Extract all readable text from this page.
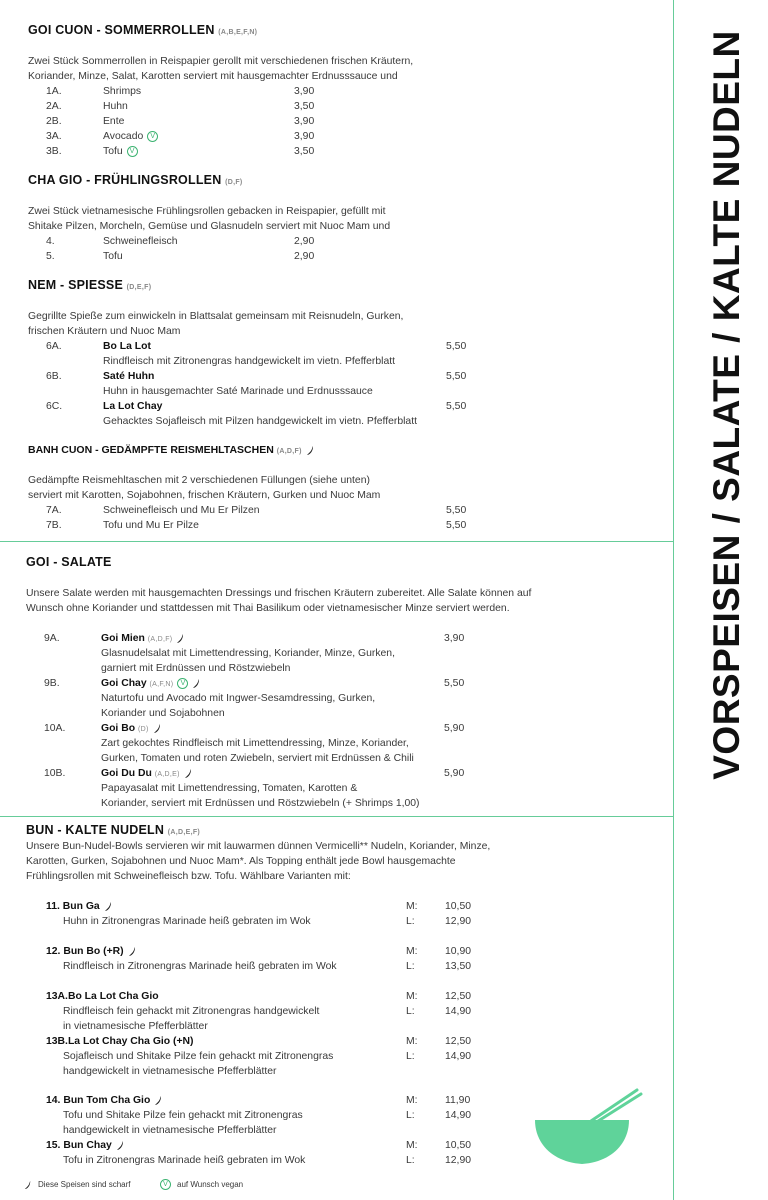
VORSPEISEN / SALATE / KALTE NUDELN
GOI CUON - SOMMERROLLEN (A,B,E,F,N)
Zwei Stück Sommerrollen in Reispapier gerollt mit verschiedenen frischen Kräutern,
Koriander, Minze, Salat, Karotten serviert mit hausgemachter Erdnusssauce und
1A.	Shrimps	3,90
2A.	Huhn	3,50
2B.	Ente	3,90
3A.	Avocado V	3,90
3B.	Tofu V	3,50
CHA GIO - FRÜHLINGSROLLEN (D,F)
Zwei Stück vietnamesische Frühlingsrollen gebacken in Reispapier, gefüllt mit
Shitake Pilzen, Morcheln, Gemüse und Glasnudeln serviert mit Nuoc Mam und
4.	Schweinefleisch	2,90
5.	Tofu	2,90
NEM - SPIESSE (D,E,F)
Gegrillte Spieße zum einwickeln in Blattsalat gemeinsam mit Reisnudeln, Gurken,
frischen Kräutern und Nuoc Mam
6A.	Bo La Lot	5,50
Rindfleisch mit Zitronengras handgewickelt im vietn. Pfefferblatt
6B.	Saté Huhn	5,50
Huhn in hausgemachter Saté Marinade und Erdnusssauce
6C.	La Lot Chay	5,50
Gehacktes Sojafleisch mit Pilzen handgewickelt im vietn. Pfefferblatt
BANH CUON - GEDÄMPFTE REISMEHLTASCHEN (A,D,F)
Gedämpfte Reismehltaschen mit 2 verschiedenen Füllungen (siehe unten)
serviert mit Karotten, Sojabohnen, frischen Kräutern, Gurken und Nuoc Mam
7A.	Schweinefleisch und Mu Er Pilzen	5,50
7B.	Tofu und Mu Er Pilze	5,50
GOI - SALATE
Unsere Salate werden mit hausgemachten Dressings und frischen Kräutern zubereitet. Alle Salate können auf
Wunsch ohne Koriander und stattdessen mit Thai Basilikum oder vietnamesischer Minze serviert werden.
9A.	Goi Mien (A,D,F)	3,90
Glasnudelsalat mit Limettendressing, Koriander, Minze, Gurken,
garniert mit Erdnüssen und Röstzwiebeln
9B.	Goi Chay (A,F,N) V	5,50
Naturtofu und Avocado mit Ingwer-Sesamdressing, Gurken,
Koriander und Sojabohnen
10A.	Goi Bo (D)	5,90
Zart gekochtes Rindfleisch mit Limettendressing, Minze, Koriander,
Gurken, Tomaten und roten Zwiebeln, serviert mit Erdnüssen & Chili
10B.	Goi Du Du (A,D,E)	5,90
Papayasalat mit Limettendressing, Tomaten, Karotten &
Koriander, serviert mit Erdnüssen und Röstzwiebeln (+ Shrimps 1,00)
BUN - KALTE NUDELN (A,D,E,F)
Unsere Bun-Nudel-Bowls servieren wir mit lauwarmen dünnen Vermicelli** Nudeln, Koriander, Minze,
Karotten, Gurken, Sojabohnen und Nuoc Mam*. Als Topping enthält jede Bowl hausgemachte
Frühlingsrollen mit Schweinefleisch bzw. Tofu. Wählbare Varianten mit:
11. Bun Ga
Huhn in Zitronengras Marinade heiß gebraten im Wok
M:	10,50
L:	12,90
12. Bun Bo (+R)
Rindfleisch in Zitronengras Marinade heiß gebraten im Wok
M:	10,90
L:	13,50
13A.Bo La Lot Cha Gio
Rindfleisch fein gehackt mit Zitronengras handgewickelt
in vietnamesische Pfefferblätter
M:	12,50
L:	14,90
13B.La Lot Chay Cha Gio (+N)
Sojafleisch und Shitake Pilze fein gehackt mit Zitronengras
handgewickelt in vietnamesische Pfefferblätter
M:	12,50
L:	14,90
14. Bun Tom Cha Gio
Tofu und Shitake Pilze fein gehackt mit Zitronengras
handgewickelt in vietnamesische Pfefferblätter
M:	11,90
L:	14,90
15. Bun Chay
Tofu in Zitronengras Marinade heiß gebraten im Wok
M:	10,50
L:	12,90
Diese Speisen sind scharf	V auf Wunsch vegan
